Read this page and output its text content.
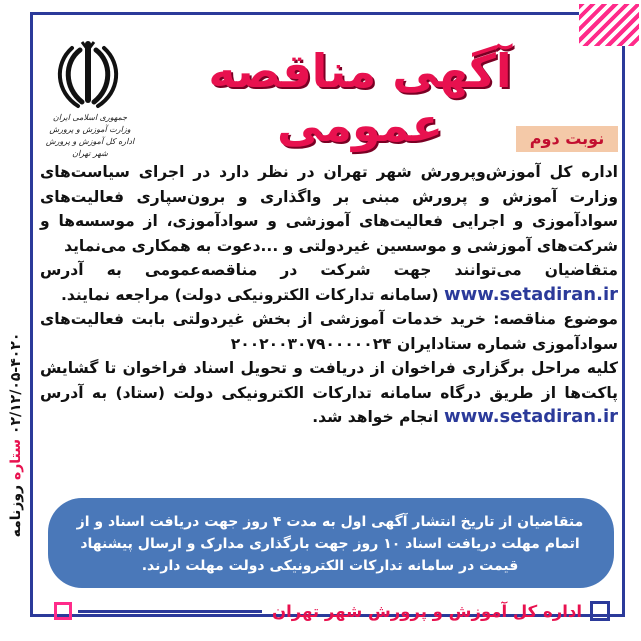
روزنامه ستاره ۰۲/۱۲/۰۵-۴۰۲۰
آگهی مناقصه عمومی
جمهوری اسلامی ایران
وزارت آموزش و پرورش
اداره کل آموزش و پرورش شهر تهران
نوبت دوم

اداره کل آموزش‌وپرورش شهر تهران در نظر دارد در اجرای سیاست‌های وزارت آموزش و پرورش مبنی بر واگذاری و برون‌سپاری فعالیت‌های سوادآموزی و اجرایی فعالیت‌های آموزشی و سوادآموزی، از موسسه‌ها و شرکت‌های آموزشی و موسسین غیردولتی و ...دعوت به همکاری می‌نماید

متقاضیان می‌توانند جهت شرکت در مناقصه‌عمومی به آدرس www.setadiran.ir (سامانه تدارکات الکترونیکی دولت) مراجعه نمایند.

موضوع مناقصه: خرید خدمات آموزشی از بخش غیردولتی بابت فعالیت‌های سوادآموزی شماره ستادایران ۲۰۰۲۰۰۳۰۷۹۰۰۰۰۰۲۴

کلیه مراحل برگزاری فراخوان از دریافت و تحویل اسناد فراخوان تا گشایش پاکت‌ها از طریق درگاه سامانه تدارکات الکترونیکی دولت (ستاد) به آدرس www.setadiran.ir انجام خواهد شد.

متقاضیان از تاریخ انتشار آگهی اول به مدت ۴ روز جهت دریافت اسناد و از اتمام مهلت دریافت اسناد ۱۰ روز جهت بارگذاری مدارک و ارسال پیشنهاد قیمت در سامانه تدارکات الکترونیکی دولت مهلت دارند.
اداره کل آموزش و پرورش شهر تهران
